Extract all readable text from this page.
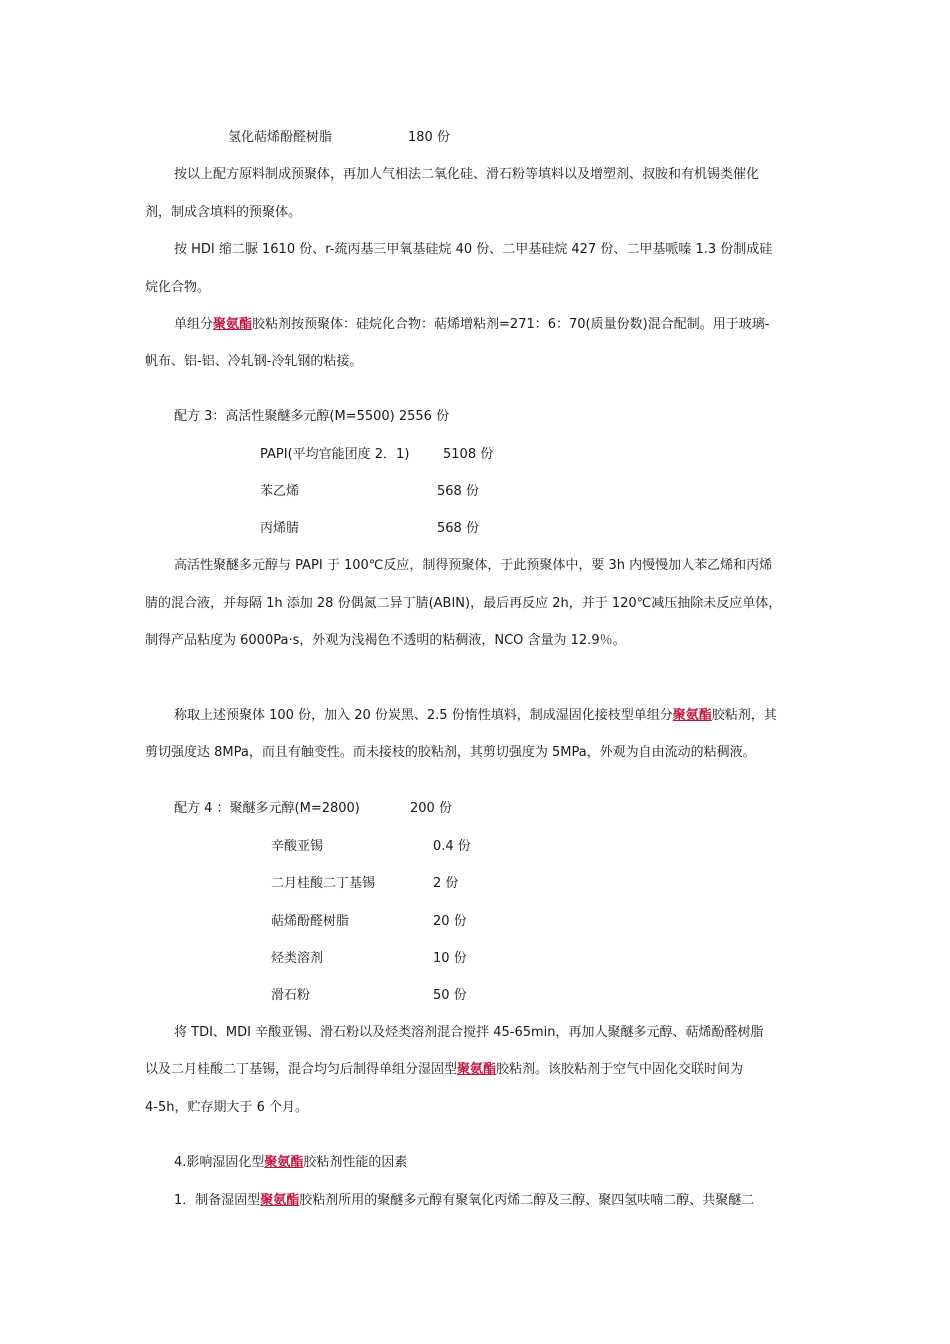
氢化萜烯酚醛树脂	180 份
按以上配方原料制成预聚体，再加人气相法二氧化硅、滑石粉等填料以及增塑剂、叔胺和有机锡类催化
剂，制成含填料的预聚体。
按 HDI 缩二脲 1610 份、r-巯丙基三甲氧基硅烷 40 份、二甲基硅烷 427 份、二甲基哌嗪 1.3 份制成硅
烷化合物。
单组分聚氨酯胶粘剂按预聚体：硅烷化合物：萜烯增粘剂=271：6：70(质量份数)混合配制。用于玻璃-
帆布、铝-铝、冷轧钢-冷轧钢的粘接。
配方 3：高活性聚醚多元醇(M=5500) 2556 份
PAPI(平均官能团度 2．1)	5108 份
苯乙烯	568 份
丙烯腈	568 份
高活性聚醚多元醇与 PAPI 于 100℃反应，制得预聚体，于此预聚体中，要 3h 内慢慢加人苯乙烯和丙烯
腈的混合液，并每隔 1h 添加 28 份偶氮二异丁腈(ABIN)，最后再反应 2h，并于 120℃减压抽除未反应单体，
制得产品粘度为 6000Pa·s，外观为浅褐色不透明的粘稠液，NCO 含量为 12.9％。
称取上述预聚体 100 份，加入 20 份炭黑、2.5 份惰性填料，制成湿固化接枝型单组分聚氨酯胶粘剂，其
剪切强度达 8MPa，而且有触变性。而未接枝的胶粘剂，其剪切强度为 5MPa，外观为自由流动的粘稠液。
配方 4 ：聚醚多元醇(M=2800)	200 份
辛酸亚锡	0.4 份
二月桂酸二丁基锡	2 份
萜烯酚醛树脂	20 份
烃类溶剂	10 份
滑石粉	50 份
将 TDI、MDI 辛酸亚锡、滑石粉以及烃类溶剂混合搅拌 45-65min，再加人聚醚多元醇、萜烯酚醛树脂
以及二月桂酸二丁基锡，混合均匀后制得单组分湿固型聚氨酯胶粘剂。该胶粘剂于空气中固化交联时间为
4-5h，贮存期大于 6 个月。
4.影响湿固化型聚氨酯胶粘剂性能的因素
1．制备湿固型聚氨酯胶粘剂所用的聚醚多元醇有聚氧化丙烯二醇及三醇、聚四氢呋喃二醇、共聚醚二
